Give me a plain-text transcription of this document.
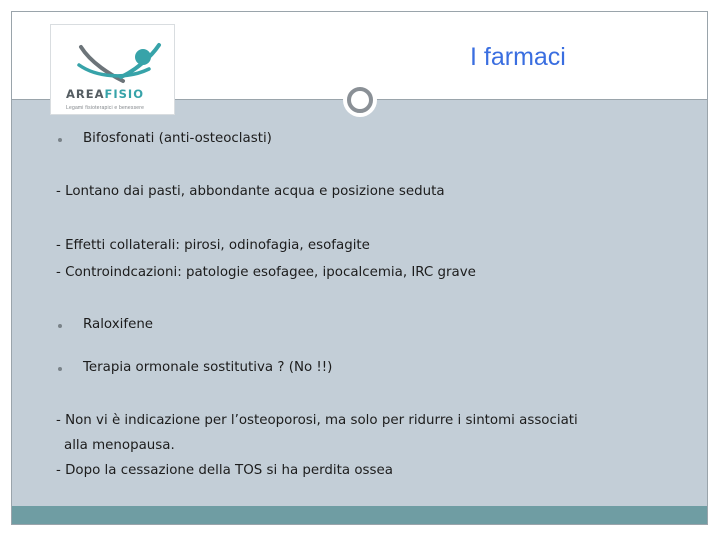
AREAFISIO
Legami fisioterapici e benessere
I farmaci
Bifosfonati (anti-osteoclasti)
- Lontano dai pasti, abbondante acqua e posizione seduta
- Effetti collaterali: pirosi, odinofagia, esofagite
- Controindcazioni: patologie esofagee, ipocalcemia, IRC grave
Raloxifene
Terapia ormonale sostitutiva ? (No !!)
- Non vi è indicazione per l’osteoporosi, ma solo per ridurre i sintomi associati
alla menopausa.
- Dopo la cessazione della TOS si ha perdita ossea
